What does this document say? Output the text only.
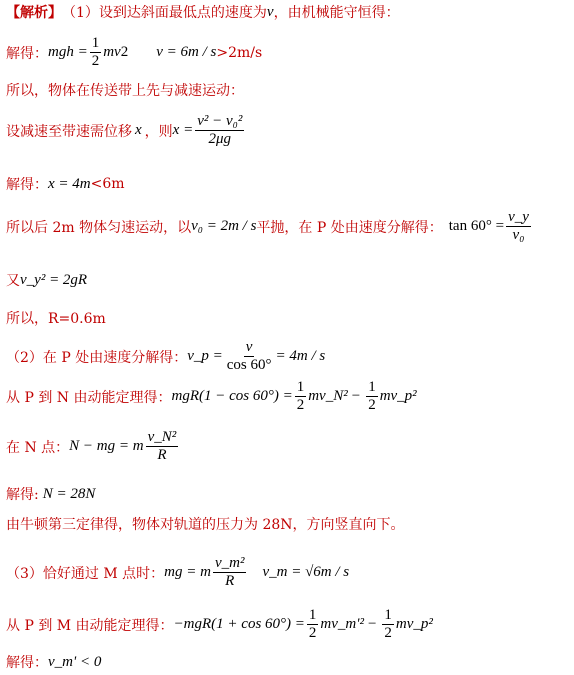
【解析】 （1）设到达斜面最低点的速度为 v ，由机械能守恒得：
解得： mgh = $\frac{1}{2}$ mv 2 v = 6m / s >2m/s
所以，物体在传送带上先与减速运动：
设减速至带速需位移 x ，则 $x = \frac{\text{v² − v₀²}}{2\mu g}$
解得： x = 4m <6m
所以后 2m 物体匀速运动，以 v₀ = 2m / s 平抛，在 P 处由速度分解得： $\tan 60^\circ = \frac{v\_y}{\text{v₀}}$
又 v_y² = 2gR
所以，R=0.6m
（2）在 P 处由速度分解得： v_p = $\frac{v}{\cos 60^\circ} = 4m / s$
从 P 到 N 由动能定理得： $mgR(1 - \cos 60^\circ) = \frac{1}{2}$ mv_N² − $\frac{1}{2}$ mv_p²
在 N 点： N − mg = m $\frac{\text{v\_N²}}{R}$
解得: N = 28N
由牛顿第三定律得，物体对轨道的压力为 28N，方向竖直向下。
（3）恰好通过 M 点时： mg = m $\frac{\text{v\_m²}}{R}$ v_m = √6m / s
从 P 到 M 由动能定理得： $-mgR(1 + \cos 60^\circ) = \frac{1}{2}$ mv_m'² − $\frac{1}{2}$ mv_p²
解得： v_m' < 0
